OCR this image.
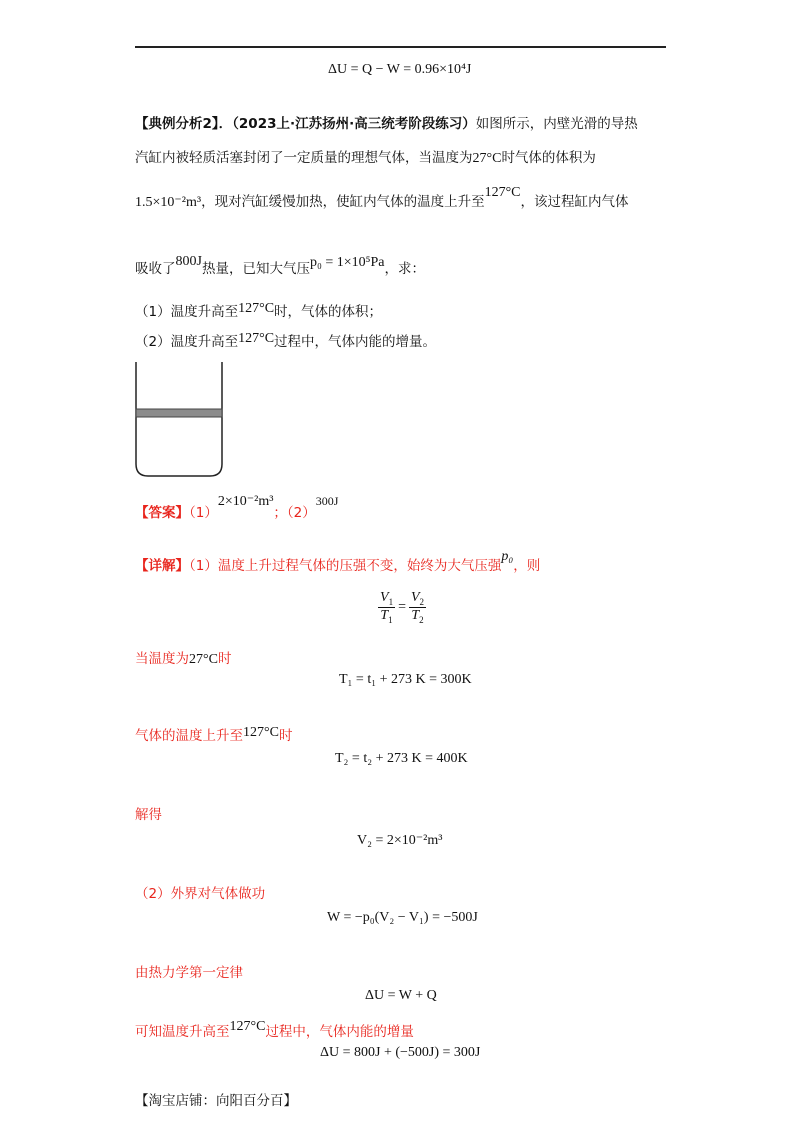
ΔU = Q − W = 0.96×10⁴J
【典例分析2】．（2023上·江苏扬州·高三统考阶段练习）如图所示，内壁光滑的导热
汽缸内被轻质活塞封闭了一定质量的理想气体，当温度为27°C时气体的体积为
1.5×10⁻²m³，现对汽缸缓慢加热，使缸内气体的温度上升至127°C，该过程缸内气体
吸收了800J热量，已知大气压p₀ = 1×10⁵Pa，求：
（1）温度升高至127°C时，气体的体积；
（2）温度升高至127°C过程中，气体内能的增量。
【答案】（1）2×10⁻²m³；（2）300J
【详解】（1）温度上升过程气体的压强不变，始终为大气压强p₀，则
$\frac{V_1}{T_1} = \frac{V_2}{T_2}$
当温度为27°C时
T₁ = t₁ + 273 K = 300K
气体的温度上升至127°C时
T₂ = t₂ + 273 K = 400K
解得
V₂ = 2×10⁻²m³
（2）外界对气体做功
W = −p₀(V₂ − V₁) = −500J
由热力学第一定律
ΔU = W + Q
可知温度升高至127°C过程中，气体内能的增量
ΔU = 800J + (−500J) = 300J
【淘宝店铺：向阳百分百】
